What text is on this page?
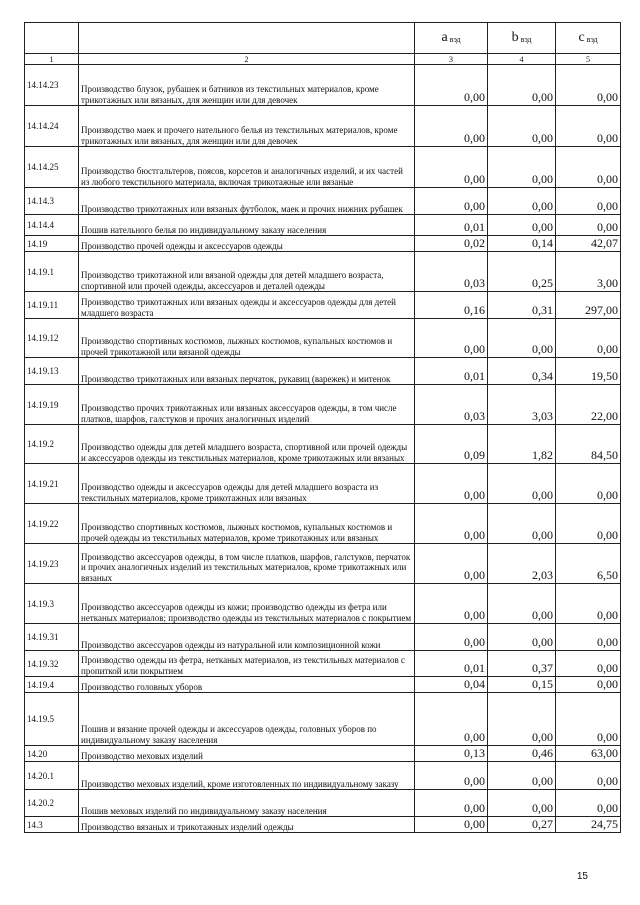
		a $_{вэд}$	b $_{вэд}$	c $_{вэд}$
1	2	3	4	5
14.14.23	Производство блузок, рубашек и батников из текстильных материалов, кроме трикотажных или вязаных, для женщин или для девочек	0,00	0,00	0,00
14.14.24	Производство маек и прочего нательного белья из текстильных материалов, кроме трикотажных или вязаных, для женщин или для девочек	0,00	0,00	0,00
14.14.25	Производство бюстгальтеров, поясов, корсетов и аналогичных изделий, и их частей из любого текстильного материала, включая трикотажные или вязаные	0,00	0,00	0,00
14.14.3	Производство трикотажных или вязаных футболок, маек и прочих нижних рубашек	0,00	0,00	0,00
14.14.4	Пошив нательного белья по индивидуальному заказу населения	0,01	0,00	0,00
14.19	Производство прочей одежды и аксессуаров одежды	0,02	0,14	42,07
14.19.1	Производство трикотажной или вязаной одежды для детей младшего возраста, спортивной или прочей одежды, аксессуаров и деталей одежды	0,03	0,25	3,00
14.19.11	Производство трикотажных или вязаных одежды и аксессуаров одежды для детей младшего возраста	0,16	0,31	297,00
14.19.12	Производство спортивных костюмов, лыжных костюмов, купальных костюмов и прочей трикотажной или вязаной одежды	0,00	0,00	0,00
14.19.13	Производство трикотажных или вязаных перчаток, рукавиц (варежек) и митенок	0,01	0,34	19,50
14.19.19	Производство прочих трикотажных или вязаных аксессуаров одежды, в том числе платков, шарфов, галстуков и прочих аналогичных изделий	0,03	3,03	22,00
14.19.2	Производство одежды для детей младшего возраста, спортивной или прочей одежды и аксессуаров одежды из текстильных материалов, кроме трикотажных или вязаных	0,09	1,82	84,50
14.19.21	Производство одежды и аксессуаров одежды для детей младшего возраста из текстильных материалов, кроме трикотажных или вязаных	0,00	0,00	0,00
14.19.22	Производство спортивных костюмов, лыжных костюмов, купальных костюмов и прочей одежды из текстильных материалов, кроме трикотажных или вязаных	0,00	0,00	0,00
14.19.23	Производство аксессуаров одежды, в том числе платков, шарфов, галстуков, перчаток и прочих аналогичных изделий из текстильных материалов, кроме трикотажных или вязаных	0,00	2,03	6,50
14.19.3	Производство аксессуаров одежды из кожи; производство одежды из фетра или нетканых материалов; производство одежды из текстильных материалов с покрытием	0,00	0,00	0,00
14.19.31	Производство аксессуаров одежды из натуральной или композиционной кожи	0,00	0,00	0,00
14.19.32	Производство одежды из фетра, нетканых материалов, из текстильных материалов с пропиткой или покрытием	0,01	0,37	0,00
14.19.4	Производство головных уборов	0,04	0,15	0,00
14.19.5	Пошив и вязание прочей одежды и аксессуаров одежды, головных уборов по индивидуальному заказу населения	0,00	0,00	0,00
14.20	Производство меховых изделий	0,13	0,46	63,00
14.20.1	Производство меховых изделий, кроме изготовленных по индивидуальному заказу	0,00	0,00	0,00
14.20.2	Пошив меховых изделий по индивидуальному заказу населения	0,00	0,00	0,00
14.3	Производство вязаных и трикотажных изделий одежды	0,00	0,27	24,75
15
